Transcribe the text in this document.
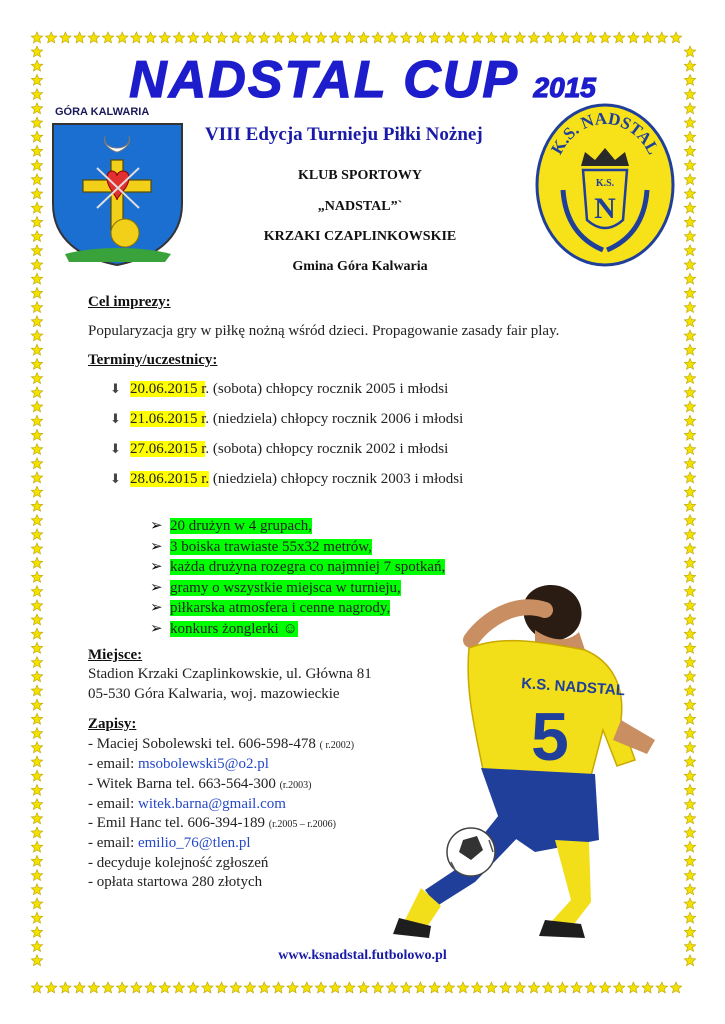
NADSTAL CUP 2015
GÓRA KALWARIA
VIII Edycja Turnieju Piłki Nożnej
KLUB SPORTOWY
„NADSTAL”`
KRZAKI CZAPLINKOWSKIE
Gmina Góra Kalwaria
K.S. NADSTAL
K.S.
N
Cel imprezy:
Popularyzacja gry w piłkę nożną wśród dzieci. Propagowanie zasady fair play.
Terminy/uczestnicy:
⬇ 20.06.2015 r. (sobota) chłopcy rocznik 2005 i młodsi
⬇ 21.06.2015 r. (niedziela) chłopcy rocznik 2006 i młodsi
⬇ 27.06.2015 r. (sobota) chłopcy rocznik 2002 i młodsi
⬇ 28.06.2015 r. (niedziela) chłopcy rocznik 2003 i młodsi
K.S. NADSTAL
5
➢ 20 drużyn w 4 grupach,
➢ 3 boiska trawiaste 55x32 metrów,
➢ każda drużyna rozegra co najmniej 7 spotkań,
➢ gramy o wszystkie miejsca w turnieju,
➢ piłkarska atmosfera i cenne nagrody,
➢ konkurs żonglerki ☺
Miejsce:
Stadion Krzaki Czaplinkowskie, ul. Główna 81
05-530 Góra Kalwaria, woj. mazowieckie
Zapisy:
- Maciej Sobolewski tel. 606-598-478 ( r.2002)
- email: msobolewski5@o2.pl
- Witek Barna tel. 663-564-300 (r.2003)
- email: witek.barna@gmail.com
- Emil Hanc tel. 606-394-189 (r.2005 – r.2006)
- email: emilio_76@tlen.pl
- decyduje kolejność zgłoszeń
- opłata startowa 280 złotych
www.ksnadstal.futbolowo.pl
